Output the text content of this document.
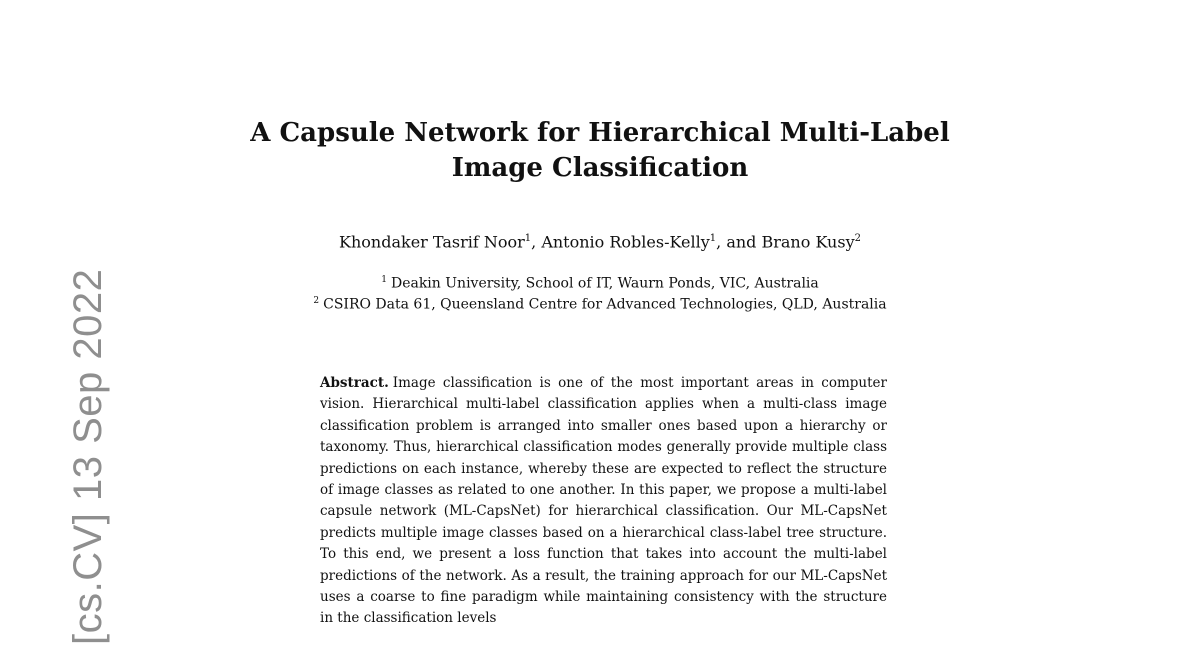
[cs.CV] 13 Sep 2022
A Capsule Network for Hierarchical Multi-Label
Image Classification
Khondaker Tasrif Noor$^1$, Antonio Robles-Kelly$^1$, and Brano Kusy$^2$
$^1$ Deakin University, School of IT, Waurn Ponds, VIC, Australia
$^2$ CSIRO Data 61, Queensland Centre for Advanced Technologies, QLD, Australia
Abstract. Image classification is one of the most important areas in computer vision. Hierarchical multi-label classification applies when a multi-class image classification problem is arranged into smaller ones based upon a hierarchy or taxonomy. Thus, hierarchical classification modes generally provide multiple class predictions on each instance, whereby these are expected to reflect the structure of image classes as related to one another. In this paper, we propose a multi-label capsule network (ML-CapsNet) for hierarchical classification. Our ML-CapsNet predicts multiple image classes based on a hierarchical class-label tree structure. To this end, we present a loss function that takes into account the multi-label predictions of the network. As a result, the training approach for our ML-CapsNet uses a coarse to fine paradigm while maintaining consistency with the structure in the classification levels
